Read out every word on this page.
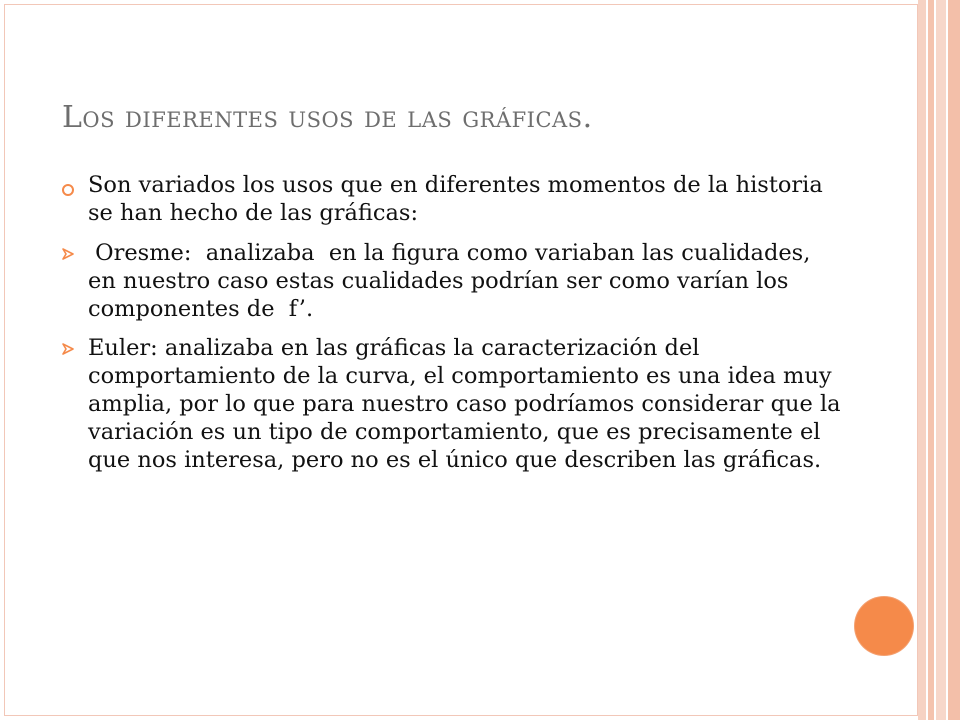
Los diferentes usos de las gráficas.
Son variados los usos que en diferentes momentos de la historia se han hecho de las gráficas:
Oresme:  analizaba  en la figura como variaban las cualidades, en nuestro caso estas cualidades podrían ser como varían los componentes de  f’.
Euler: analizaba en las gráficas la caracterización del comportamiento de la curva, el comportamiento es una idea muy amplia, por lo que para nuestro caso podríamos considerar que la variación es un tipo de comportamiento, que es precisamente el que nos interesa, pero no es el único que describen las gráficas.
